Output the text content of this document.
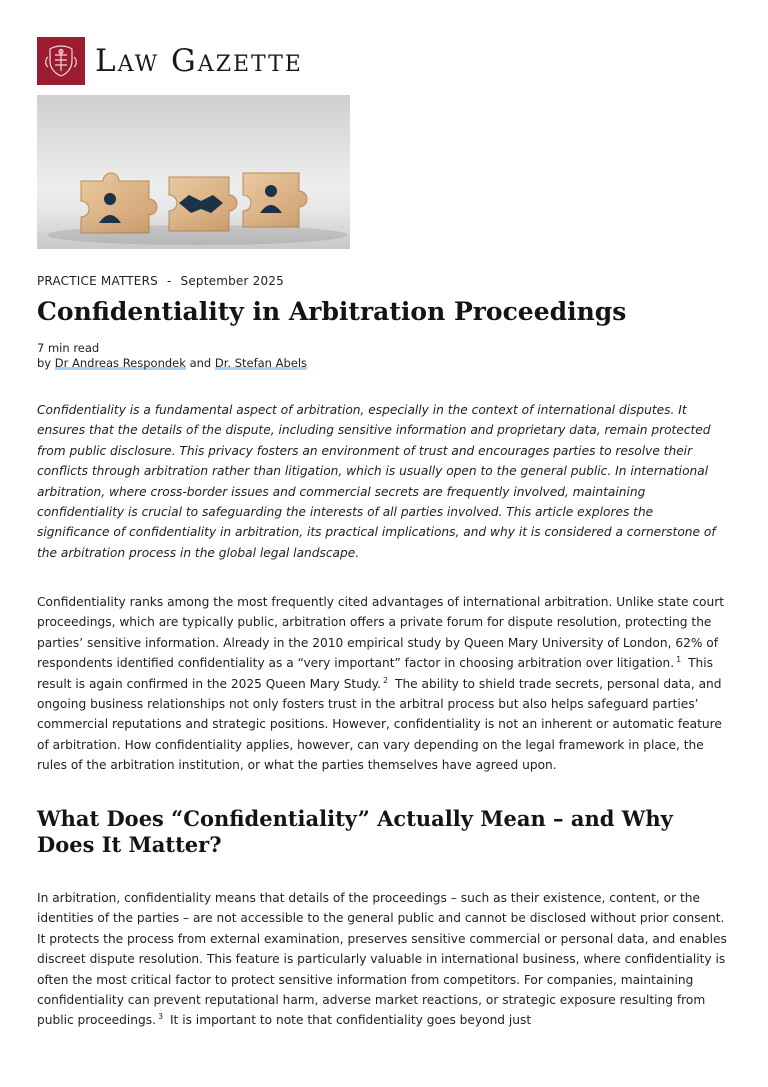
Law Gazette
PRACTICE MATTERS - September 2025
Confidentiality in Arbitration Proceedings
7 min read
by Dr Andreas Respondek and Dr. Stefan Abels

Confidentiality is a fundamental aspect of arbitration, especially in the context of international disputes. It ensures that the details of the dispute, including sensitive information and proprietary data, remain protected from public disclosure. This privacy fosters an environment of trust and encourages parties to resolve their conflicts through arbitration rather than litigation, which is usually open to the general public. In international arbitration, where cross-border issues and commercial secrets are frequently involved, maintaining confidentiality is crucial to safeguarding the interests of all parties involved. This article explores the significance of confidentiality in arbitration, its practical implications, and why it is considered a cornerstone of the arbitration process in the global legal landscape.

Confidentiality ranks among the most frequently cited advantages of international arbitration. Unlike state court proceedings, which are typically public, arbitration offers a private forum for dispute resolution, protecting the parties’ sensitive information. Already in the 2010 empirical study by Queen Mary University of London, 62% of respondents identified confidentiality as a “very important” factor in choosing arbitration over litigation. $^1$ This result is again confirmed in the 2025 Queen Mary Study. $^2$ The ability to shield trade secrets, personal data, and ongoing business relationships not only fosters trust in the arbitral process but also helps safeguard parties’ commercial reputations and strategic positions. However, confidentiality is not an inherent or automatic feature of arbitration. How confidentiality applies, however, can vary depending on the legal framework in place, the rules of the arbitration institution, or what the parties themselves have agreed upon.

What Does “Confidentiality” Actually Mean – and Why Does It Matter?

In arbitration, confidentiality means that details of the proceedings – such as their existence, content, or the identities of the parties – are not accessible to the general public and cannot be disclosed without prior consent. It protects the process from external examination, preserves sensitive commercial or personal data, and enables discreet dispute resolution. This feature is particularly valuable in international business, where confidentiality is often the most critical factor to protect sensitive information from competitors. For companies, maintaining confidentiality can prevent reputational harm, adverse market reactions, or strategic exposure resulting from public proceedings. $^3$ It is important to note that confidentiality goes beyond just
